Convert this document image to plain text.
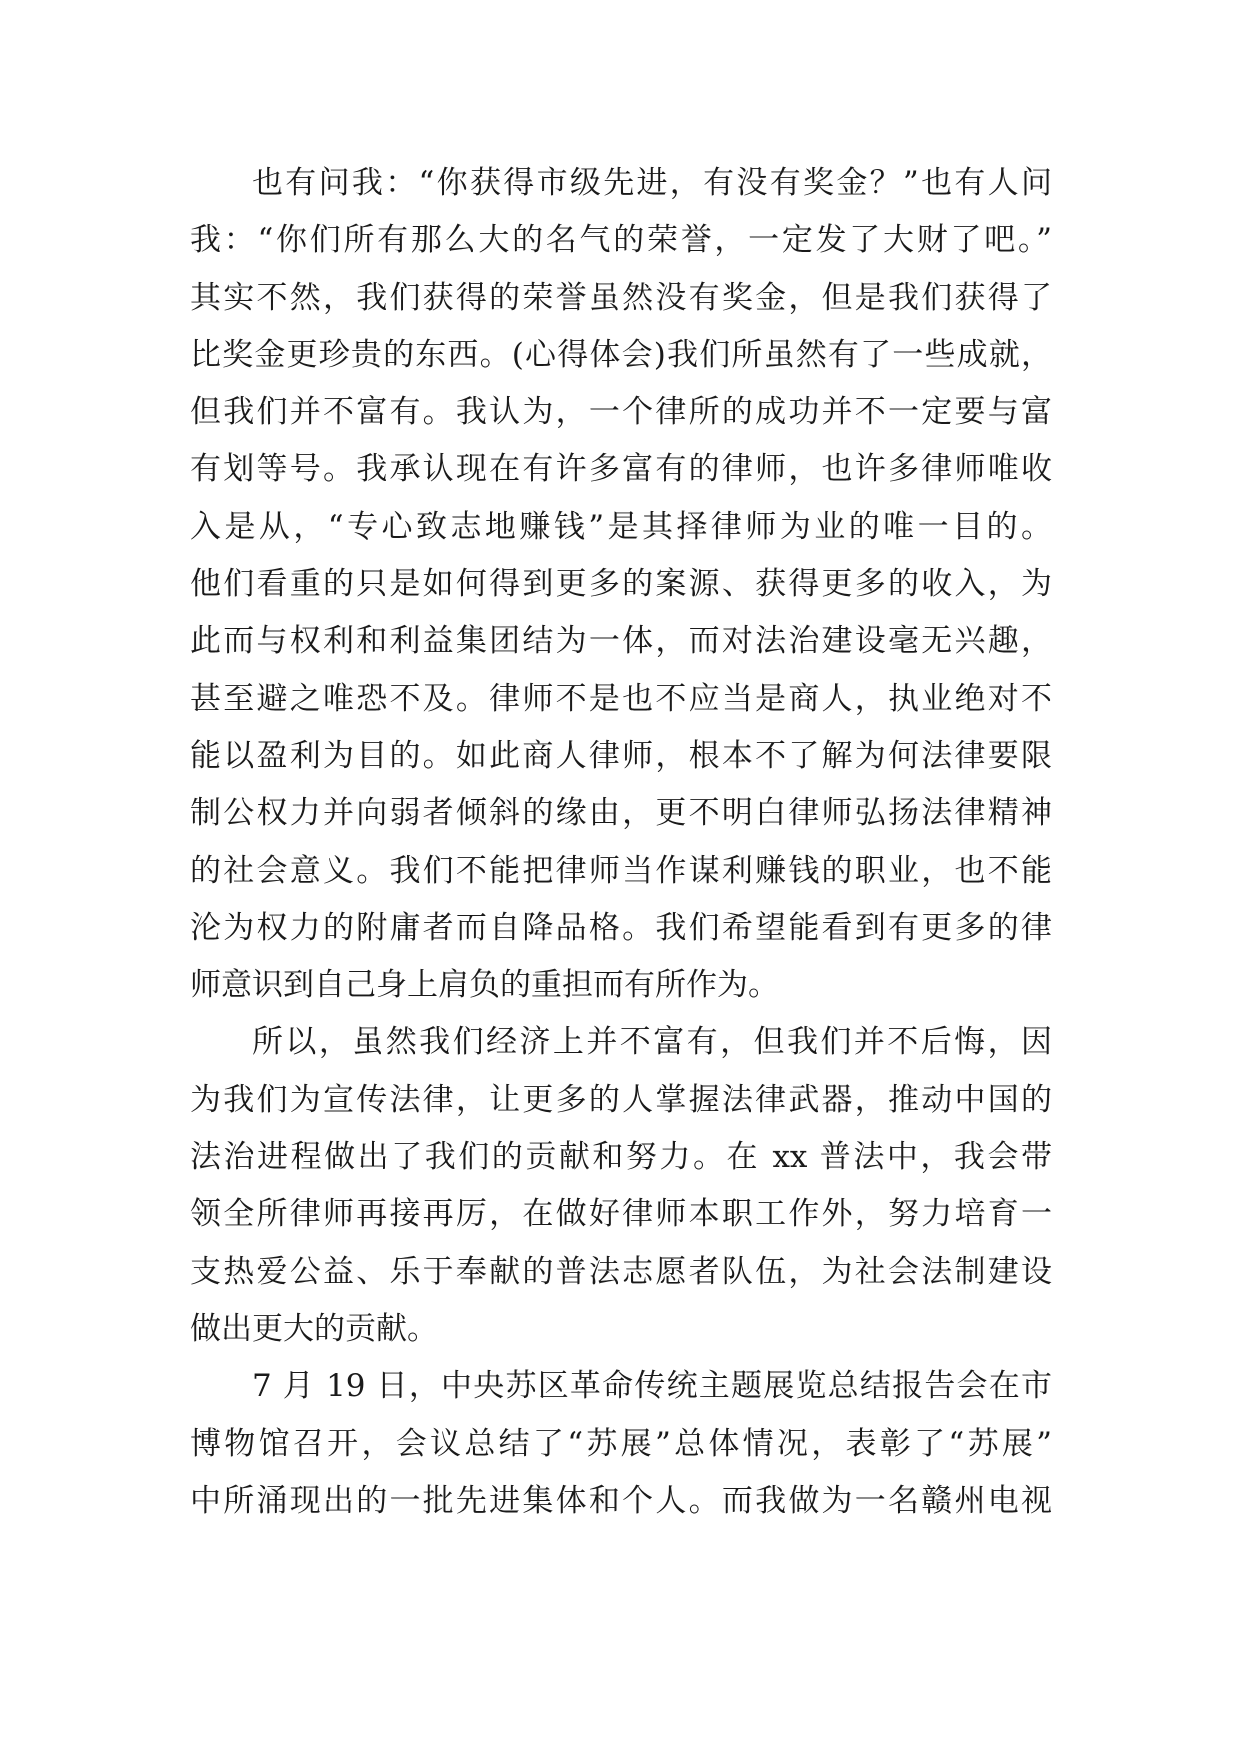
也有问我：“你获得市级先进，有没有奖金？”也有人问
我：“你们所有那么大的名气的荣誉，一定发了大财了吧。”
其实不然，我们获得的荣誉虽然没有奖金，但是我们获得了
比奖金更珍贵的东西。(心得体会)我们所虽然有了一些成就，
但我们并不富有。我认为，一个律所的成功并不一定要与富
有划等号。我承认现在有许多富有的律师，也许多律师唯收
入是从，“专心致志地赚钱”是其择律师为业的唯一目的。
他们看重的只是如何得到更多的案源、获得更多的收入，为
此而与权利和利益集团结为一体，而对法治建设毫无兴趣，
甚至避之唯恐不及。律师不是也不应当是商人，执业绝对不
能以盈利为目的。如此商人律师，根本不了解为何法律要限
制公权力并向弱者倾斜的缘由，更不明白律师弘扬法律精神
的社会意义。我们不能把律师当作谋利赚钱的职业，也不能
沦为权力的附庸者而自降品格。我们希望能看到有更多的律
师意识到自己身上肩负的重担而有所作为。
所以，虽然我们经济上并不富有，但我们并不后悔，因
为我们为宣传法律，让更多的人掌握法律武器，推动中国的
法治进程做出了我们的贡献和努力。在 xx 普法中，我会带
领全所律师再接再厉，在做好律师本职工作外，努力培育一
支热爱公益、乐于奉献的普法志愿者队伍，为社会法制建设
做出更大的贡献。
7 月 19 日，中央苏区革命传统主题展览总结报告会在市
博物馆召开，会议总结了“苏展”总体情况，表彰了“苏展”
中所涌现出的一批先进集体和个人。而我做为一名赣州电视
